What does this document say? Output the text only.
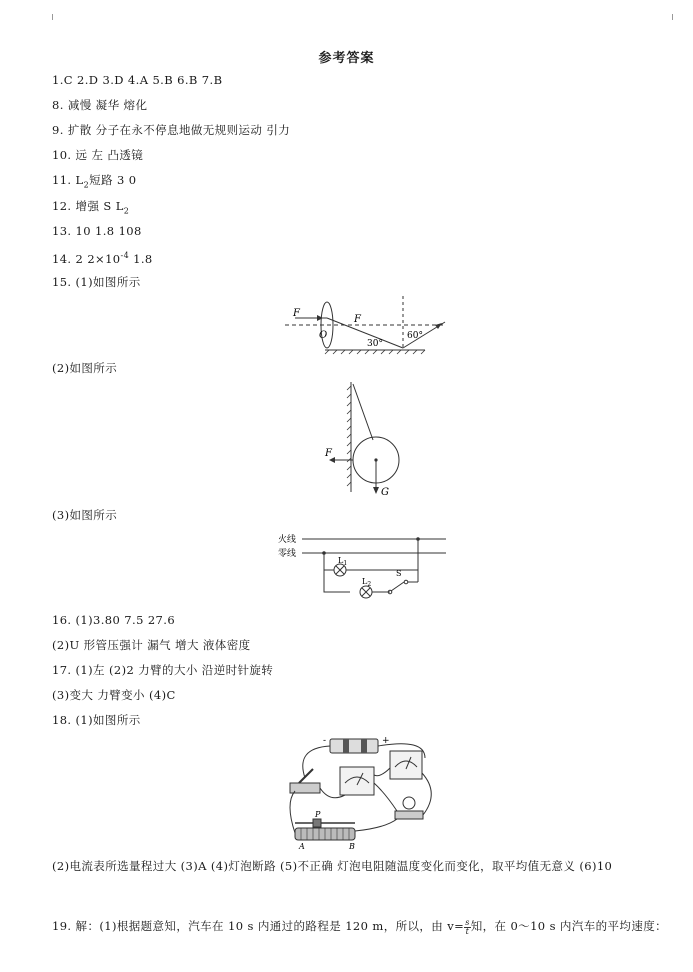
参考答案
1.C 2.D 3.D 4.A 5.B 6.B 7.B
8. 减慢 凝华 熔化
9. 扩散 分子在永不停息地做无规则运动 引力
10. 远 左 凸透镜
11. $L_2$短路 3 0
12. 增强 S $L_2$
13. 10 1.8 108
14. 2 $2\times 10^{-4}$ 1.8
15. (1)如图所示
F
O
F
30°
60°
(2)如图所示
F
G
(3)如图所示
火线
零线
$L_1$
$L_2$
S
16. (1)3.80 7.5 27.6
(2)U 形管压强计 漏气 增大 液体密度
17. (1)左 (2)2 力臂的大小 沿逆时针旋转
(3)变大 力臂变小 (4)C
18. (1)如图所示
-	+
P
A	B
(2)电流表所选量程过大 (3)A (4)灯泡断路 (5)不正确 灯泡电阻随温度变化而变化，取平均值无意义 (6)10
19. 解：(1)根据题意知，汽车在 10 s 内通过的路程是 120 m，所以，由 $v= \frac{s}{t}$ 知，在 0～10 s 内汽车的平均速度：
